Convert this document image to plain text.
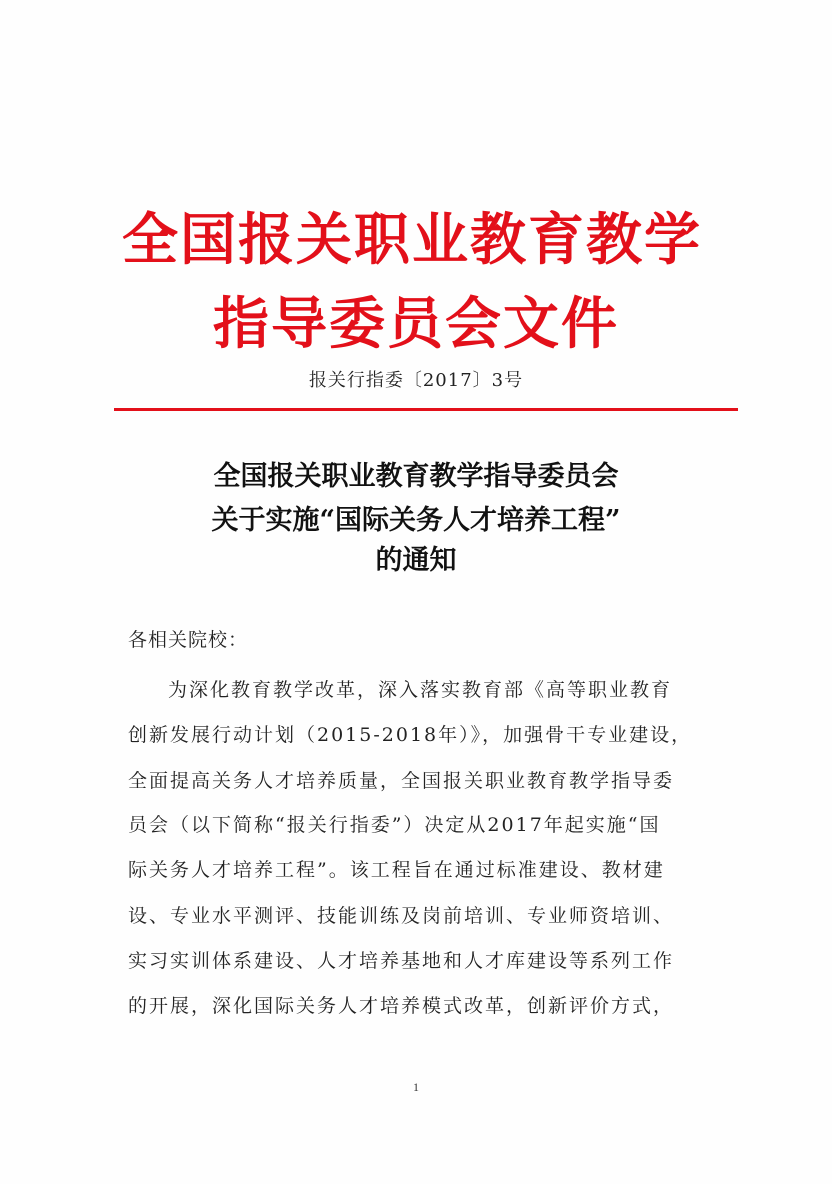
全国报关职业教育教学
指导委员会文件
报关行指委〔2017〕3号
全国报关职业教育教学指导委员会
关于实施“国际关务人才培养工程”
的通知
各相关院校：
为深化教育教学改革，深入落实教育部《高等职业教育
创新发展行动计划（2015-2018年）》，加强骨干专业建设，
全面提高关务人才培养质量，全国报关职业教育教学指导委
员会（以下简称“报关行指委”）决定从2017年起实施“国
际关务人才培养工程”。该工程旨在通过标准建设、教材建
设、专业水平测评、技能训练及岗前培训、专业师资培训、
实习实训体系建设、人才培养基地和人才库建设等系列工作
的开展，深化国际关务人才培养模式改革，创新评价方式，
1
